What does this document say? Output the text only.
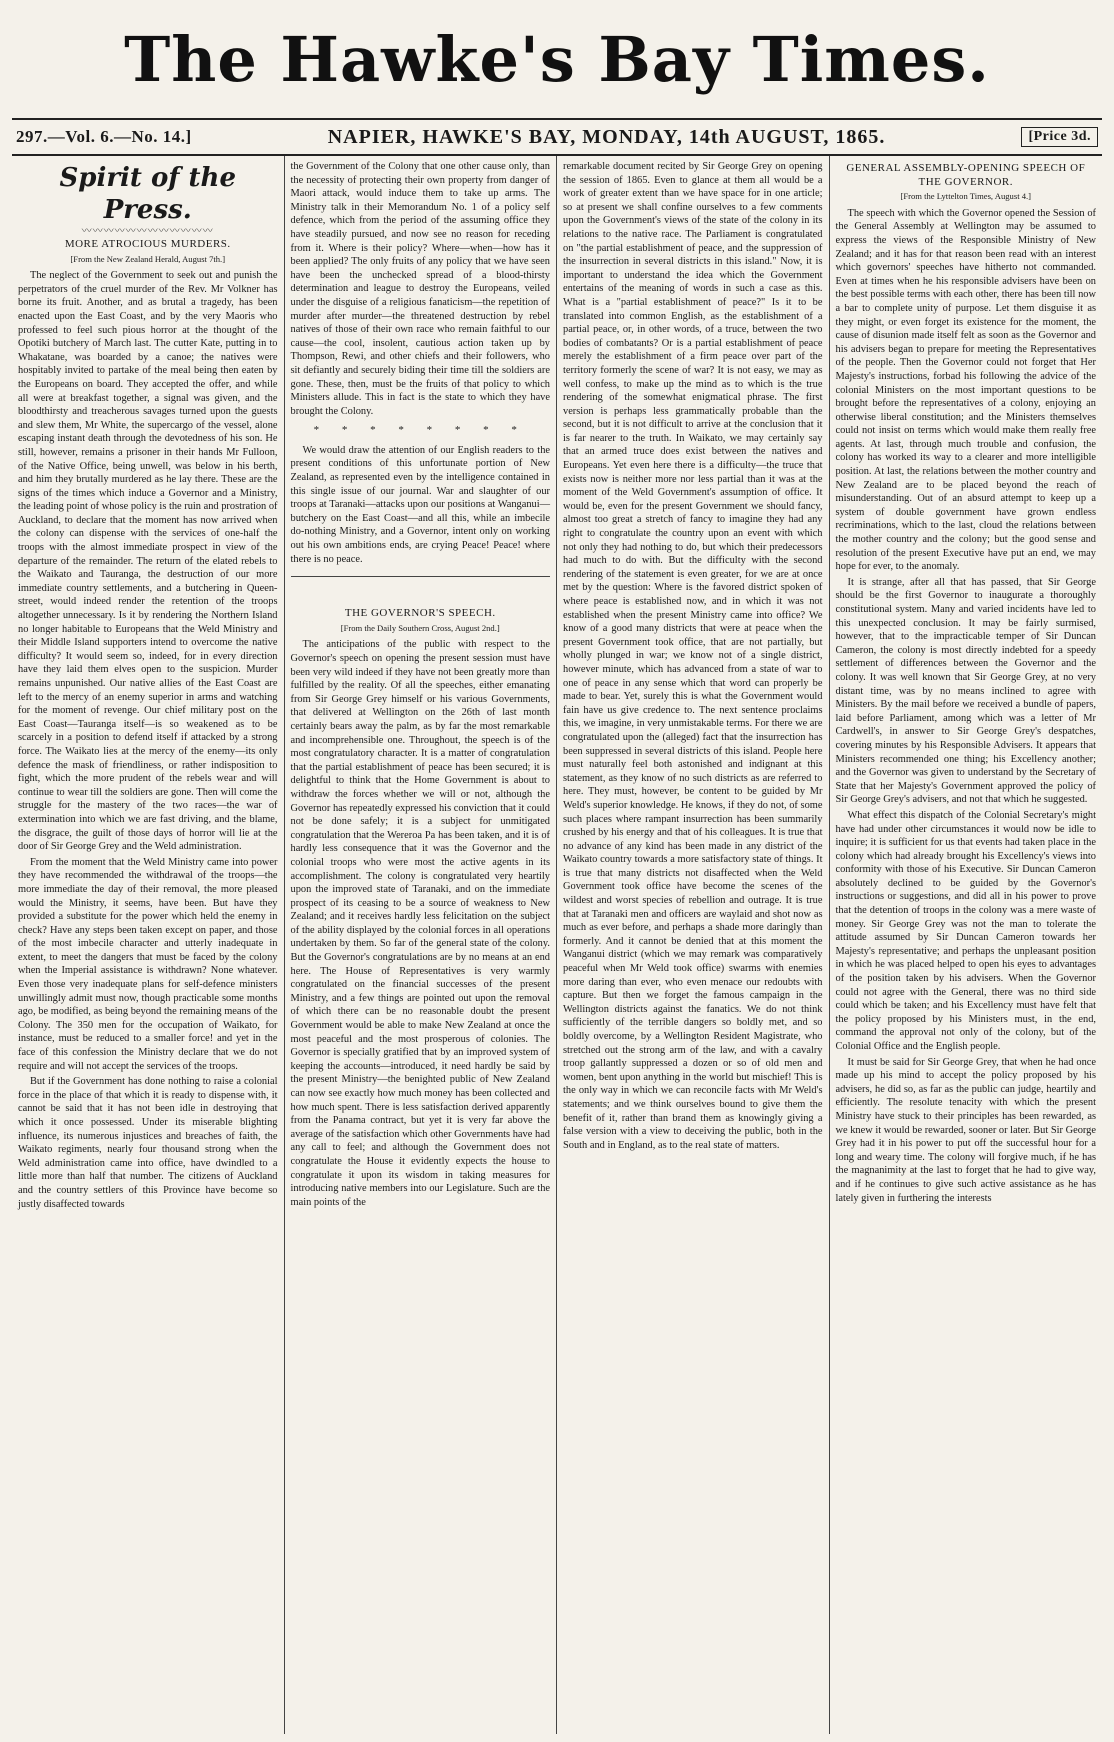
The Hawke's Bay Times.
297.—Vol. 6.—No. 14.]	NAPIER, HAWKE'S BAY, MONDAY, 14th AUGUST, 1865.	[Price 3d.
Spirit of the Press.
〰〰〰〰〰〰〰〰〰〰〰〰
MORE ATROCIOUS MURDERS.
[From the New Zealand Herald, August 7th.]

The neglect of the Government to seek out and punish the perpetrators of the cruel murder of the Rev. Mr Volkner has borne its fruit. Another, and as brutal a tragedy, has been enacted upon the East Coast, and by the very Maoris who professed to feel such pious horror at the thought of the Opotiki butchery of March last. The cutter Kate, putting in to Whakatane, was boarded by a canoe; the natives were hospitably invited to partake of the meal being then eaten by the Europeans on board. They accepted the offer, and while all were at breakfast together, a signal was given, and the bloodthirsty and treacherous savages turned upon the guests and slew them, Mr White, the supercargo of the vessel, alone escaping instant death through the devotedness of his son. He still, however, remains a prisoner in their hands Mr Fulloon, of the Native Office, being unwell, was below in his berth, and him they brutally murdered as he lay there. These are the signs of the times which induce a Governor and a Ministry, the leading point of whose policy is the ruin and prostration of Auckland, to declare that the moment has now arrived when the colony can dispense with the services of one-half the troops with the almost immediate prospect in view of the departure of the remainder. The return of the elated rebels to the Waikato and Tauranga, the destruction of our more immediate country settlements, and a butchering in Queen-street, would indeed render the retention of the troops altogether unnecessary. Is it by rendering the Northern Island no longer habitable to Europeans that the Weld Ministry and their Middle Island supporters intend to overcome the native difficulty? It would seem so, indeed, for in every direction have they laid them elves open to the suspicion. Murder remains unpunished. Our native allies of the East Coast are left to the mercy of an enemy superior in arms and watching for the moment of revenge. Our chief military post on the East Coast—Tauranga itself—is so weakened as to be scarcely in a position to defend itself if attacked by a strong force. The Waikato lies at the mercy of the enemy—its only defence the mask of friendliness, or rather indisposition to fight, which the more prudent of the rebels wear and will continue to wear till the soldiers are gone. Then will come the struggle for the mastery of the two races—the war of extermination into which we are fast driving, and the blame, the disgrace, the guilt of those days of horror will lie at the door of Sir George Grey and the Weld administration.

From the moment that the Weld Ministry came into power they have recommended the withdrawal of the troops—the more immediate the day of their removal, the more pleased would the Ministry, it seems, have been. But have they provided a substitute for the power which held the enemy in check? Have any steps been taken except on paper, and those of the most imbecile character and utterly inadequate in extent, to meet the dangers that must be faced by the colony when the Imperial assistance is withdrawn? None whatever. Even those very inadequate plans for self-defence ministers unwillingly admit must now, though practicable some months ago, be modified, as being beyond the remaining means of the Colony. The 350 men for the occupation of Waikato, for instance, must be reduced to a smaller force! and yet in the face of this confession the Ministry declare that we do not require and will not accept the services of the troops.

But if the Government has done nothing to raise a colonial force in the place of that which it is ready to dispense with, it cannot be said that it has not been idle in destroying that which it once possessed. Under its miserable blighting influence, its numerous injustices and breaches of faith, the Waikato regiments, nearly four thousand strong when the Weld administration came into office, have dwindled to a little more than half that number. The citizens of Auckland and the country settlers of this Province have become so justly disaffected towards

the Government of the Colony that one other cause only, than the necessity of protecting their own property from danger of Maori attack, would induce them to take up arms. The Ministry talk in their Memorandum No. 1 of a policy self defence, which from the period of the assuming office they have steadily pursued, and now see no reason for receding from it. Where is their policy? Where—when—how has it been applied? The only fruits of any policy that we have seen have been the unchecked spread of a blood-thirsty determination and league to destroy the Europeans, veiled under the disguise of a religious fanaticism—the repetition of murder after murder—the threatened destruction by rebel natives of those of their own race who remain faithful to our cause—the cool, insolent, cautious action taken up by Thompson, Rewi, and other chiefs and their followers, who sit defiantly and securely biding their time till the soldiers are gone. These, then, must be the fruits of that policy to which Ministers allude. This in fact is the state to which they have brought the Colony.

* * * * * * * *

We would draw the attention of our English readers to the present conditions of this unfortunate portion of New Zealand, as represented even by the intelligence contained in this single issue of our journal. War and slaughter of our troops at Taranaki—attacks upon our positions at Wanganui—butchery on the East Coast—and all this, while an imbecile do-nothing Ministry, and a Governor, intent only on working out his own ambitions ends, are crying Peace! Peace! where there is no peace.

THE GOVERNOR'S SPEECH.
[From the Daily Southern Cross, August 2nd.]

The anticipations of the public with respect to the Governor's speech on opening the present session must have been very wild indeed if they have not been greatly more than fulfilled by the reality. Of all the speeches, either emanating from Sir George Grey himself or his various Governments, that delivered at Wellington on the 26th of last month certainly bears away the palm, as by far the most remarkable and incomprehensible one. Throughout, the speech is of the most congratulatory character. It is a matter of congratulation that the partial establishment of peace has been secured; it is delightful to think that the Home Government is about to withdraw the forces whether we will or not, although the Governor has repeatedly expressed his conviction that it could not be done safely; it is a subject for unmitigated congratulation that the Wereroa Pa has been taken, and it is of hardly less consequence that it was the Governor and the colonial troops who were most the active agents in its accomplishment. The colony is congratulated very heartily upon the improved state of Taranaki, and on the immediate prospect of its ceasing to be a source of weakness to New Zealand; and it receives hardly less felicitation on the subject of the ability displayed by the colonial forces in all operations undertaken by them. So far of the general state of the colony. But the Governor's congratulations are by no means at an end here. The House of Representatives is very warmly congratulated on the financial successes of the present Ministry, and a few things are pointed out upon the removal of which there can be no reasonable doubt the present Government would be able to make New Zealand at once the most peaceful and the most prosperous of colonies. The Governor is specially gratified that by an improved system of keeping the accounts—introduced, it need hardly be said by the present Ministry—the benighted public of New Zealand can now see exactly how much money has been collected and how much spent. There is less satisfaction derived apparently from the Panama contract, but yet it is very far above the average of the satisfaction which other Governments have had any call to feel; and although the Government does not congratulate the House it evidently expects the house to congratulate it upon its wisdom in taking measures for introducing native members into our Legislature. Such are the main points of the

remarkable document recited by Sir George Grey on opening the session of 1865. Even to glance at them all would be a work of greater extent than we have space for in one article; so at present we shall confine ourselves to a few comments upon the Government's views of the state of the colony in its relations to the native race. The Parliament is congratulated on "the partial establishment of peace, and the suppression of the insurrection in several districts in this island." Now, it is important to understand the idea which the Government entertains of the meaning of words in such a case as this. What is a "partial establishment of peace?" Is it to be translated into common English, as the establishment of a partial peace, or, in other words, of a truce, between the two bodies of combatants? Or is a partial establishment of peace merely the establishment of a firm peace over part of the territory formerly the scene of war? It is not easy, we may as well confess, to make up the mind as to which is the true rendering of the somewhat enigmatical phrase. The first version is perhaps less grammatically probable than the second, but it is not difficult to arrive at the conclusion that it is far nearer to the truth. In Waikato, we may certainly say that an armed truce does exist between the natives and Europeans. Yet even here there is a difficulty—the truce that exists now is neither more nor less partial than it was at the moment of the Weld Government's assumption of office. It would be, even for the present Government we should fancy, almost too great a stretch of fancy to imagine they had any right to congratulate the country upon an event with which not only they had nothing to do, but which their predecessors had much to do with. But the difficulty with the second rendering of the statement is even greater, for we are at once met by the question: Where is the favored district spoken of where peace is established now, and in which it was not established when the present Ministry came into office? We know of a good many districts that were at peace when the present Government took office, that are not partially, but wholly plunged in war; we know not of a single district, however minute, which has advanced from a state of war to one of peace in any sense which that word can properly be made to bear. Yet, surely this is what the Government would fain have us give credence to. The next sentence proclaims this, we imagine, in very unmistakable terms. For there we are congratulated upon the (alleged) fact that the insurrection has been suppressed in several districts of this island. People here must naturally feel both astonished and indignant at this statement, as they know of no such districts as are referred to here. They must, however, be content to be guided by Mr Weld's superior knowledge. He knows, if they do not, of some such places where rampant insurrection has been summarily crushed by his energy and that of his colleagues. It is true that no advance of any kind has been made in any district of the Waikato country towards a more satisfactory state of things. It is true that many districts not disaffected when the Weld Government took office have become the scenes of the wildest and worst species of rebellion and outrage. It is true that at Taranaki men and officers are waylaid and shot now as much as ever before, and perhaps a shade more daringly than formerly. And it cannot be denied that at this moment the Wanganui district (which we may remark was comparatively peaceful when Mr Weld took office) swarms with enemies more daring than ever, who even menace our redoubts with capture. But then we forget the famous campaign in the Wellington districts against the fanatics. We do not think sufficiently of the terrible dangers so boldly met, and so boldly overcome, by a Wellington Resident Magistrate, who stretched out the strong arm of the law, and with a cavalry troop gallantly suppressed a dozen or so of old men and women, bent upon anything in the world but mischief! This is the only way in which we can reconcile facts with Mr Weld's statements; and we think ourselves bound to give them the benefit of it, rather than brand them as knowingly giving a false version with a view to deceiving the public, both in the South and in England, as to the real state of matters.

GENERAL ASSEMBLY-OPENING SPEECH OF THE GOVERNOR.
[From the Lyttelton Times, August 4.]

The speech with which the Governor opened the Session of the General Assembly at Wellington may be assumed to express the views of the Responsible Ministry of New Zealand; and it has for that reason been read with an interest which governors' speeches have hitherto not commanded. Even at times when he his responsible advisers have been on the best possible terms with each other, there has been till now a bar to complete unity of purpose. Let them disguise it as they might, or even forget its existence for the moment, the cause of disunion made itself felt as soon as the Governor and his advisers began to prepare for meeting the Representatives of the people. Then the Governor could not forget that Her Majesty's instructions, forbad his following the advice of the colonial Ministers on the most important questions to be brought before the representatives of a colony, enjoying an otherwise liberal constitution; and the Ministers themselves could not insist on terms which would make them really free agents. At last, through much trouble and confusion, the colony has worked its way to a clearer and more intelligible position. At last, the relations between the mother country and New Zealand are to be placed beyond the reach of misunderstanding. Out of an absurd attempt to keep up a system of double government have grown endless recriminations, which to the last, cloud the relations between the mother country and the colony; but the good sense and resolution of the present Executive have put an end, we may hope for ever, to the anomaly.

It is strange, after all that has passed, that Sir George should be the first Governor to inaugurate a thoroughly constitutional system. Many and varied incidents have led to this unexpected conclusion. It may be fairly surmised, however, that to the impracticable temper of Sir Duncan Cameron, the colony is most directly indebted for a speedy settlement of differences between the Governor and the colony. It was well known that Sir George Grey, at no very distant time, was by no means inclined to agree with Ministers. By the mail before we received a bundle of papers, laid before Parliament, among which was a letter of Mr Cardwell's, in answer to Sir George Grey's despatches, covering minutes by his Responsible Advisers. It appears that Ministers recommended one thing; his Excellency another; and the Governor was given to understand by the Secretary of State that her Majesty's Government approved the policy of Sir George Grey's advisers, and not that which he suggested.

What effect this dispatch of the Colonial Secretary's might have had under other circumstances it would now be idle to inquire; it is sufficient for us that events had taken place in the colony which had already brought his Excellency's views into conformity with those of his Executive. Sir Duncan Cameron absolutely declined to be guided by the Governor's instructions or suggestions, and did all in his power to prove that the detention of troops in the colony was a mere waste of money. Sir George Grey was not the man to tolerate the attitude assumed by Sir Duncan Cameron towards her Majesty's representative; and perhaps the unpleasant position in which he was placed helped to open his eyes to advantages of the position taken by his advisers. When the Governor could not agree with the General, there was no third side could which be taken; and his Excellency must have felt that the policy proposed by his Ministers must, in the end, command the approval not only of the colony, but of the Colonial Office and the English people.

It must be said for Sir George Grey, that when he had once made up his mind to accept the policy proposed by his advisers, he did so, as far as the public can judge, heartily and efficiently. The resolute tenacity with which the present Ministry have stuck to their principles has been rewarded, as we knew it would be rewarded, sooner or later. But Sir George Grey had it in his power to put off the successful hour for a long and weary time. The colony will forgive much, if he has the magnanimity at the last to forget that he had to give way, and if he continues to give such active assistance as he has lately given in furthering the interests
